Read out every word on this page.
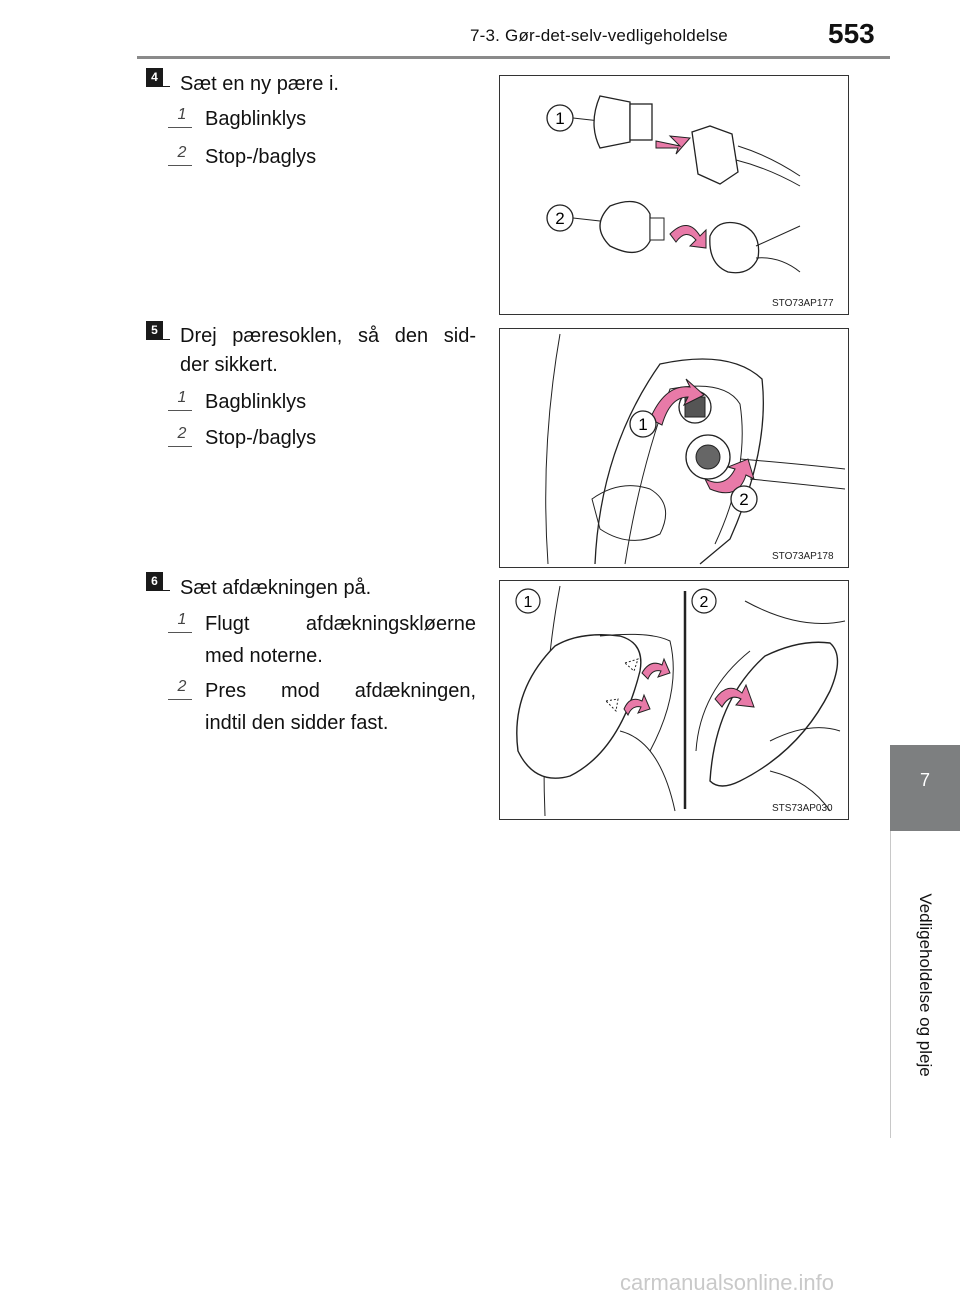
7-3. Gør-det-selv-vedligeholdelse	553
7
Vedligeholdelse og pleje
4 Sæt en ny pære i.
1 Bagblinklys
2 Stop-/baglys
1
2
STO73AP177
5 Drej pæresoklen, så den sid-
der sikkert.
1 Bagblinklys
2 Stop-/baglys
1
2
STO73AP178
6 Sæt afdækningen på.
1 Flugt afdækningskløerne
med noterne.
2 Pres mod afdækningen,
indtil den sidder fast.
1	2
STS73AP030
carmanualsonline.info
